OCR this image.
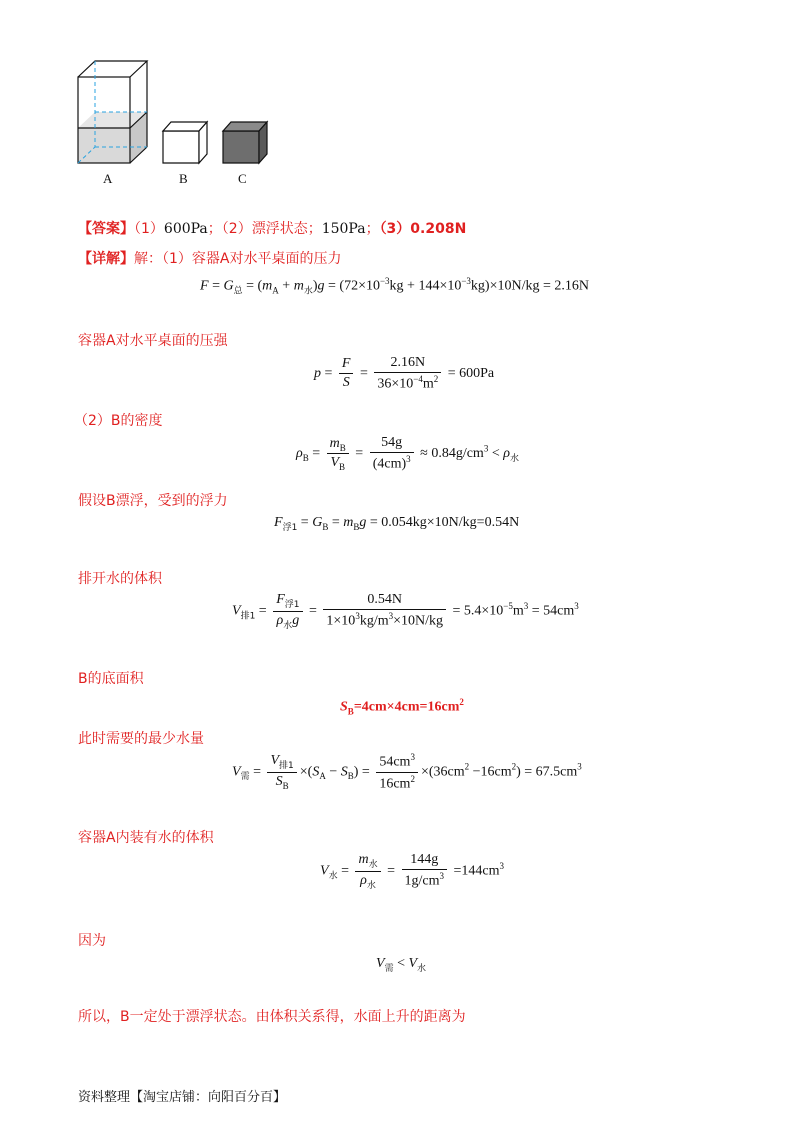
A	B	C
【答案】（1）600Pa；（2）漂浮状态；150Pa；（3）0.208N
【详解】解：（1）容器A对水平桌面的压力
$F = G_总 = (m_A + m_水)g = (72\times 10^{-3}kg + 144\times 10^{-3}kg)\times 10N/kg = 2.16N$
容器A对水平桌面的压强
$p = \frac{F}{S} = \frac{2.16N}{36\times 10^{-4}m^2} = 600Pa$
（2）B的密度
$\rho_B = \frac{m_B}{V_B} = \frac{54g}{(4cm)^3} \approx 0.84g/cm^3 < \rho_水$
假设B漂浮，受到的浮力
$F_{浮1} = G_B = m_Bg = 0.054kg\times 10N/kg=0.54N$
排开水的体积
$V_{排1} = \frac{F_{浮1}}{\rho_水g} = \frac{0.54N}{1\times 10^3kg/m^3\times 10N/kg} = 5.4\times 10^{-5}m^3 = 54cm^3$
B的底面积
$S_B=4cm\times 4cm=16cm^2$
此时需要的最少水量
$V_需 = \frac{V_{排1}}{S_B} \times(S_A - S_B) = \frac{54cm^3}{16cm^2} \times(36cm^2 -16cm^2) = 67.5cm^3$
容器A内装有水的体积
$V_水 = \frac{m_水}{\rho_水} = \frac{144g}{1g/cm^3} =144cm^3$
因为
$V_需 < V_水$
所以，B一定处于漂浮状态。由体积关系得，水面上升的距离为
资料整理【淘宝店铺：向阳百分百】
